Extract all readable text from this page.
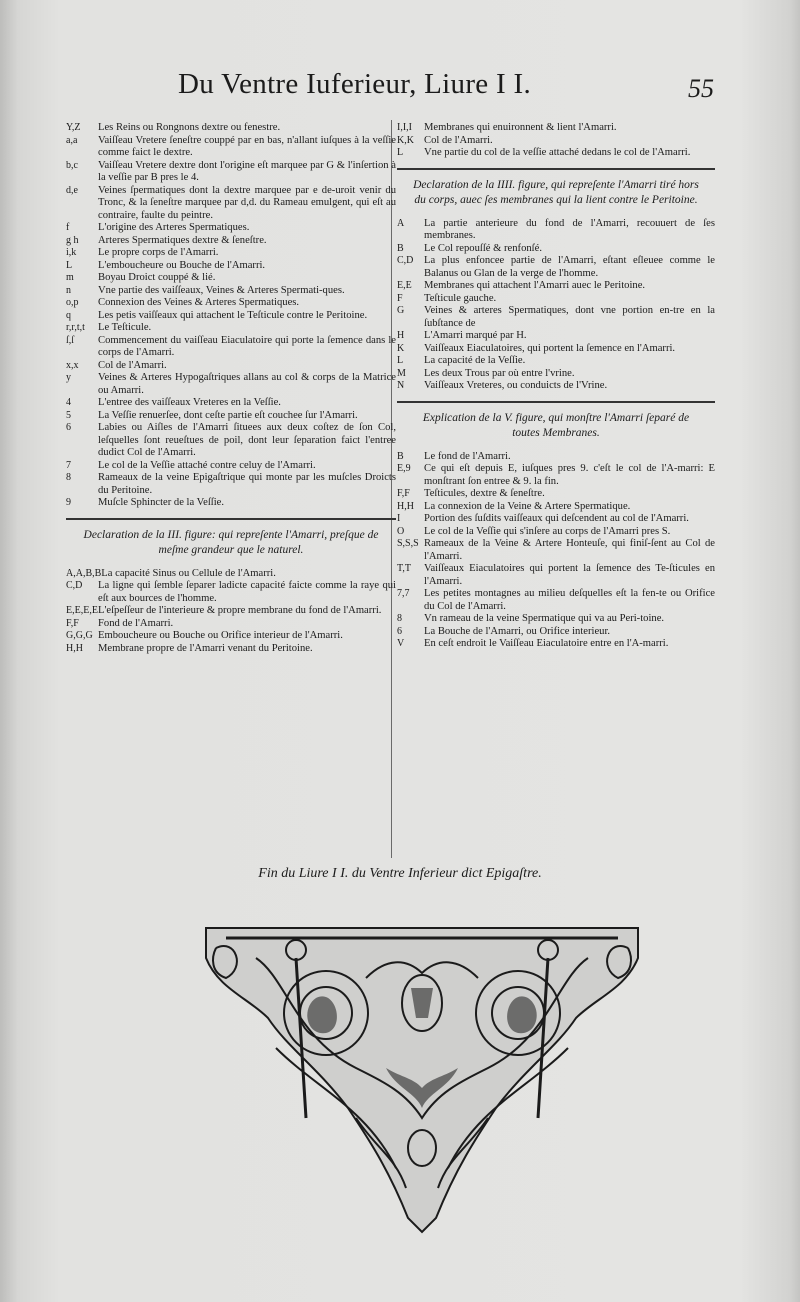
Du Ventre Iuferieur, Liure I I.	55
Y,Z	Les Reins ou Rongnons dextre ou fenestre.
a,a	Vaiſſeau Vretere ſeneſtre couppé par en bas, n'allant iuſques à la veſſie comme faict le dextre.
b,c	Vaiſſeau Vretere dextre dont l'origine eſt marquee par G & l'inſertion à la veſſie par B pres le 4.
d,e	Veines ſpermatiques dont la dextre marquee par e de-uroit venir du Tronc, & la ſeneſtre marquee par d,d. du Rameau emulgent, qui eſt au contraire, faulte du peintre.
f	L'origine des Arteres Spermatiques.
g h	Arteres Spermatiques dextre & ſeneſtre.
i,k	Le propre corps de l'Amarri.
L	L'emboucheure ou Bouche de l'Amarri.
m	Boyau Droict couppé & lié.
n	Vne partie des vaiſſeaux, Veines & Arteres Spermati-ques.
o,p	Connexion des Veines & Arteres Spermatiques.
q	Les petis vaiſſeaux qui attachent le Teſticule contre le Peritoine.
r,r,t,t	Le Teſticule.
ſ,ſ	Commencement du vaiſſeau Eiaculatoire qui porte la ſemence dans le corps de l'Amarri.
x,x	Col de l'Amarri.
y	Veines & Arteres Hypogaſtriques allans au col & corps de la Matrice ou Amarri.
4	L'entree des vaiſſeaux Vreteres en la Veſſie.
5	La Veſſie renuerſee, dont ceſte partie eſt couchee ſur l'Amarri.
6	Labies ou Aiſles de l'Amarri ſituees aux deux coſtez de ſon Col, leſquelles ſont reueſtues de poil, dont leur ſeparation faict l'entree dudict Col de l'Amarri.
7	Le col de la Veſſie attaché contre celuy de l'Amarri.
8	Rameaux de la veine Epigaſtrique qui monte par les muſcles Droicts du Peritoine.
9	Muſcle Sphincter de la Veſſie.
Declaration de la III. figure: qui repreſente l'Amarri, preſque de meſme grandeur que le naturel.
A,A,B,B La capacité Sinus ou Cellule de l'Amarri.
C,D	La ligne qui ſemble ſeparer ladicte capacité faicte comme la raye qui eſt aux bources de l'homme.
E,E,E,E L'eſpeſſeur de l'interieure & propre membrane du fond de l'Amarri.
F,F	Fond de l'Amarri.
G,G,G Emboucheure ou Bouche ou Orifice interieur de l'Amarri.
H,H	Membrane propre de l'Amarri venant du Peritoine.
I,I,I	Membranes qui enuironnent & lient l'Amarri.
K,K Col de l'Amarri.
L	Vne partie du col de la veſſie attaché dedans le col de l'Amarri.
Declaration de la IIII. figure, qui repreſente l'Amarri tiré hors du corps, auec ſes membranes qui la lient contre le Peritoine.
A	La partie anterieure du fond de l'Amarri, recouuert de ſes membranes.
B	Le Col repouſſé & renfonſé.
C,D La plus enfoncee partie de l'Amarri, eſtant eſleuee comme le Balanus ou Glan de la verge de l'homme.
E,E	Membranes qui attachent l'Amarri auec le Peritoine.
F	Teſticule gauche.
G	Veines & arteres Spermatiques, dont vne portion en-tre en la ſubſtance de
H	L'Amarri marqué par H.
K	Vaiſſeaux Eiaculatoires, qui portent la ſemence en l'Amarri.
L	La capacité de la Veſſie.
M	Les deux Trous par où entre l'vrine.
N	Vaiſſeaux Vreteres, ou conduicts de l'Vrine.
Explication de la V. figure, qui monſtre l'Amarri ſeparé de toutes Membranes.
B	Le fond de l'Amarri.
E,9	Ce qui eſt depuis E, iuſques pres 9. c'eſt le col de l'A-marri: E monſtrant ſon entree & 9. la fin.
F,F	Teſticules, dextre & ſeneſtre.
H,H La connexion de la Veine & Artere Spermatique.
I	Portion des ſuſdits vaiſſeaux qui deſcendent au col de l'Amarri.
O	Le col de la Veſſie qui s'inſere au corps de l'Amarri pres S.
S,S,S Rameaux de la Veine & Artere Honteuſe, qui finiſ-ſent au Col de l'Amarri.
T,T	Vaiſſeaux Eiaculatoires qui portent la ſemence des Te-ſticules en l'Amarri.
7,7	Les petites montagnes au milieu deſquelles eſt la fen-te ou Orifice du Col de l'Amarri.
8	Vn rameau de la veine Spermatique qui va au Peri-toine.
6	La Bouche de l'Amarri, ou Orifice interieur.
V	En ceſt endroit le Vaiſſeau Eiaculatoire entre en l'A-marri.
Fin du Liure I I. du Ventre Inferieur dict Epigaſtre.
